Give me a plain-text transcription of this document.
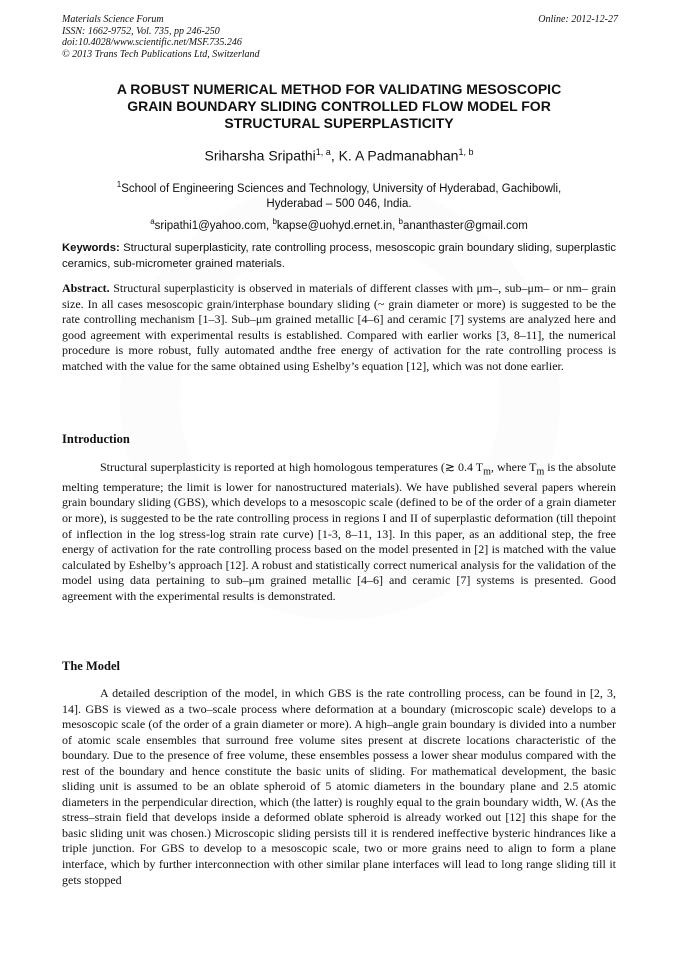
Materials Science Forum
ISSN: 1662-9752, Vol. 735, pp 246-250
doi:10.4028/www.scientific.net/MSF.735.246
© 2013 Trans Tech Publications Ltd, Switzerland
Online: 2012-12-27
A ROBUST NUMERICAL METHOD FOR VALIDATING MESOSCOPIC
GRAIN BOUNDARY SLIDING CONTROLLED FLOW MODEL FOR
STRUCTURAL SUPERPLASTICITY
Sriharsha Sripathi$^{1, a}$, K. A Padmanabhan$^{1, b}$
$^1$School of Engineering Sciences and Technology, University of Hyderabad, Gachibowli,
Hyderabad – 500 046, India.
$^a$sripathi1@yahoo.com, $^b$kapse@uohyd.ernet.in, $^b$ananthaster@gmail.com
Keywords: Structural superplasticity, rate controlling process, mesoscopic grain boundary sliding, superplastic ceramics, sub-micrometer grained materials.
Abstract. Structural superplasticity is observed in materials of different classes with μm–, sub–μm– or nm– grain size. In all cases mesoscopic grain/interphase boundary sliding (~ grain diameter or more) is suggested to be the rate controlling mechanism [1–3]. Sub–μm grained metallic [4–6] and ceramic [7] systems are analyzed here and good agreement with experimental results is established. Compared with earlier works [3, 8–11], the numerical procedure is more robust, fully automated andthe free energy of activation for the rate controlling process is matched with the value for the same obtained using Eshelby’s equation [12], which was not done earlier.
Introduction
Structural superplasticity is reported at high homologous temperatures (≳ 0.4 $T_m$, where $T_m$ is the absolute melting temperature; the limit is lower for nanostructured materials). We have published several papers wherein grain boundary sliding (GBS), which develops to a mesoscopic scale (defined to be of the order of a grain diameter or more), is suggested to be the rate controlling process in regions I and II of superplastic deformation (till thepoint of inflection in the log stress-log strain rate curve) [1-3, 8–11, 13]. In this paper, as an additional step, the free energy of activation for the rate controlling process based on the model presented in [2] is matched with the value calculated by Eshelby’s approach [12]. A robust and statistically correct numerical analysis for the validation of the model using data pertaining to sub–μm grained metallic [4–6] and ceramic [7] systems is presented. Good agreement with the experimental results is demonstrated.
The Model
A detailed description of the model, in which GBS is the rate controlling process, can be found in [2, 3, 14]. GBS is viewed as a two–scale process where deformation at a boundary (microscopic scale) develops to a mesoscopic scale (of the order of a grain diameter or more). A high–angle grain boundary is divided into a number of atomic scale ensembles that surround free volume sites present at discrete locations characteristic of the boundary. Due to the presence of free volume, these ensembles possess a lower shear modulus compared with the rest of the boundary and hence constitute the basic units of sliding. For mathematical development, the basic sliding unit is assumed to be an oblate spheroid of 5 atomic diameters in the boundary plane and 2.5 atomic diameters in the perpendicular direction, which (the latter) is roughly equal to the grain boundary width, W. (As the stress–strain field that develops inside a deformed oblate spheroid is already worked out [12] this shape for the basic sliding unit was chosen.) Microscopic sliding persists till it is rendered ineffective bysteric hindrances like a triple junction. For GBS to develop to a mesoscopic scale, two or more grains need to align to form a plane interface, which by further interconnection with other similar plane interfaces will lead to long range sliding till it gets stopped
